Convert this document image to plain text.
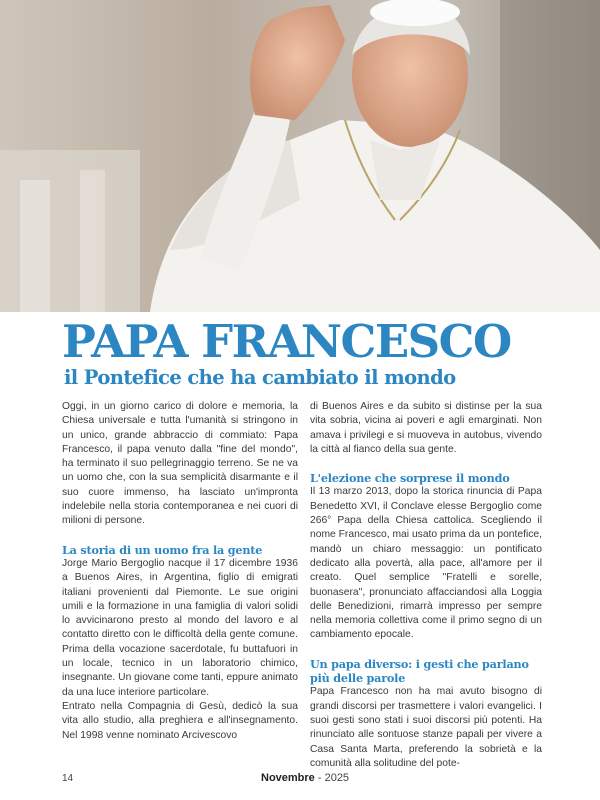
PAPA FRANCESCO
il Pontefice che ha cambiato il mondo

Oggi, in un giorno carico di dolore e memoria, la Chiesa universale e tutta l'umanità si stringono in un unico, grande abbraccio di commiato: Papa Francesco, il papa venuto dalla "fine del mondo", ha terminato il suo pellegrinaggio terreno. Se ne va un uomo che, con la sua semplicità disarmante e il suo cuore immenso, ha lasciato un'impronta indelebile nella storia contemporanea e nei cuori di milioni di persone.

La storia di un uomo fra la gente

Jorge Mario Bergoglio nacque il 17 dicembre 1936 a Buenos Aires, in Argentina, figlio di emigrati italiani provenienti dal Piemonte. Le sue origini umili e la formazione in una famiglia di valori solidi lo avvicinarono presto al mondo del lavoro e al contatto diretto con le difficoltà della gente comune. Prima della vocazione sacerdotale, fu buttafuori in un locale, tecnico in un laboratorio chimico, insegnante. Un giovane come tanti, eppure animato da una luce interiore particolare.

Entrato nella Compagnia di Gesù, dedicò la sua vita allo studio, alla preghiera e all'insegnamento. Nel 1998 venne nominato Arcivescovo

di Buenos Aires e da subito si distinse per la sua vita sobria, vicina ai poveri e agli emarginati. Non amava i privilegi e si muoveva in autobus, vivendo la città al fianco della sua gente.

L'elezione che sorprese il mondo

Il 13 marzo 2013, dopo la storica rinuncia di Papa Benedetto XVI, il Conclave elesse Bergoglio come 266° Papa della Chiesa cattolica. Scegliendo il nome Francesco, mai usato prima da un pontefice, mandò un chiaro messaggio: un pontificato dedicato alla povertà, alla pace, all'amore per il creato. Quel semplice "Fratelli e sorelle, buonasera", pronunciato affacciandosi alla Loggia delle Benedizioni, rimarrà impresso per sempre nella memoria collettiva come il primo segno di un cambiamento epocale.

Un papa diverso: i gesti che parlano più delle parole

Papa Francesco non ha mai avuto bisogno di grandi discorsi per trasmettere i valori evangelici. I suoi gesti sono stati i suoi discorsi più potenti. Ha rinunciato alle sontuose stanze papali per vivere a Casa Santa Marta, preferendo la sobrietà e la comunità alla solitudine del pote-

14	Novembre - 2025
